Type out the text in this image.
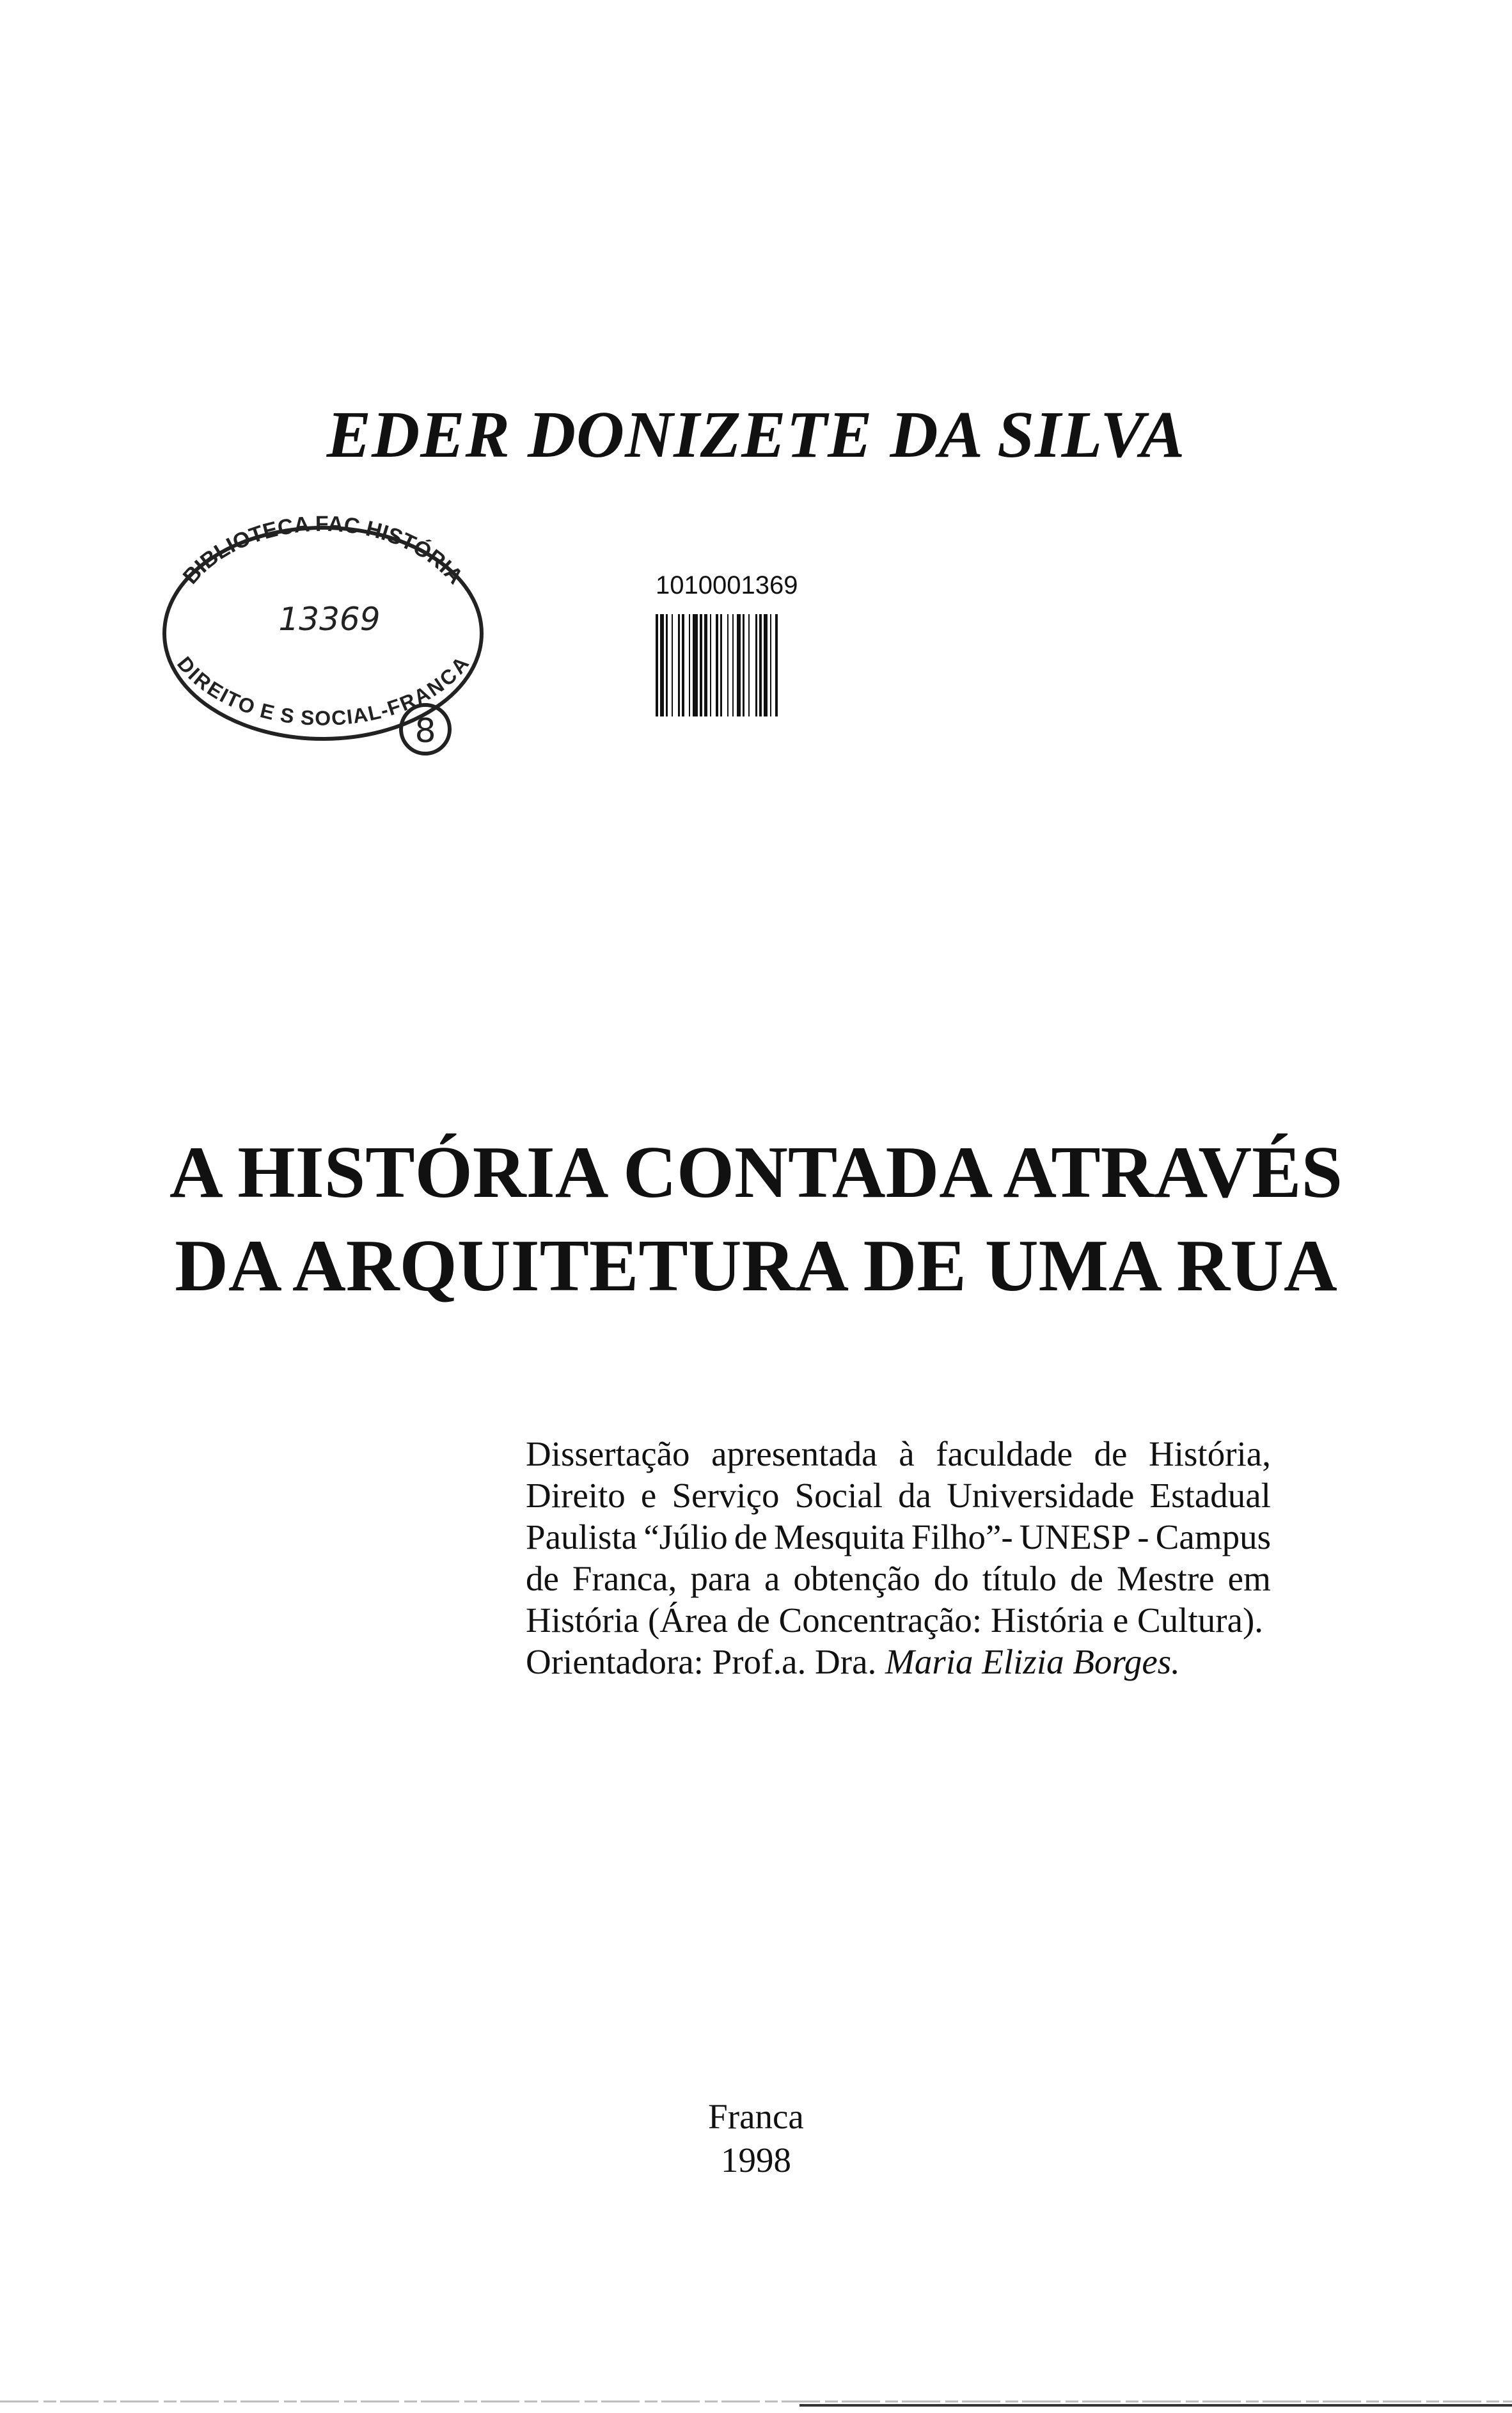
EDER DONIZETE DA SILVA
BIBLIOTECA FAC HISTÓRIA
DIREITO E S SOCIAL-FRANCA
13369
8
1010001369
A HISTÓRIA CONTADA ATRAVÉS
DA ARQUITETURA DE UMA RUA
Dissertação apresentada à faculdade de História,
Direito e Serviço Social da Universidade Estadual
Paulista “Júlio de Mesquita Filho”- UNESP - Campus
de Franca, para a obtenção do título de Mestre em
História (Área de Concentração: História e Cultura).
Orientadora: Prof.a. Dra. Maria Elizia Borges.
Franca
1998
